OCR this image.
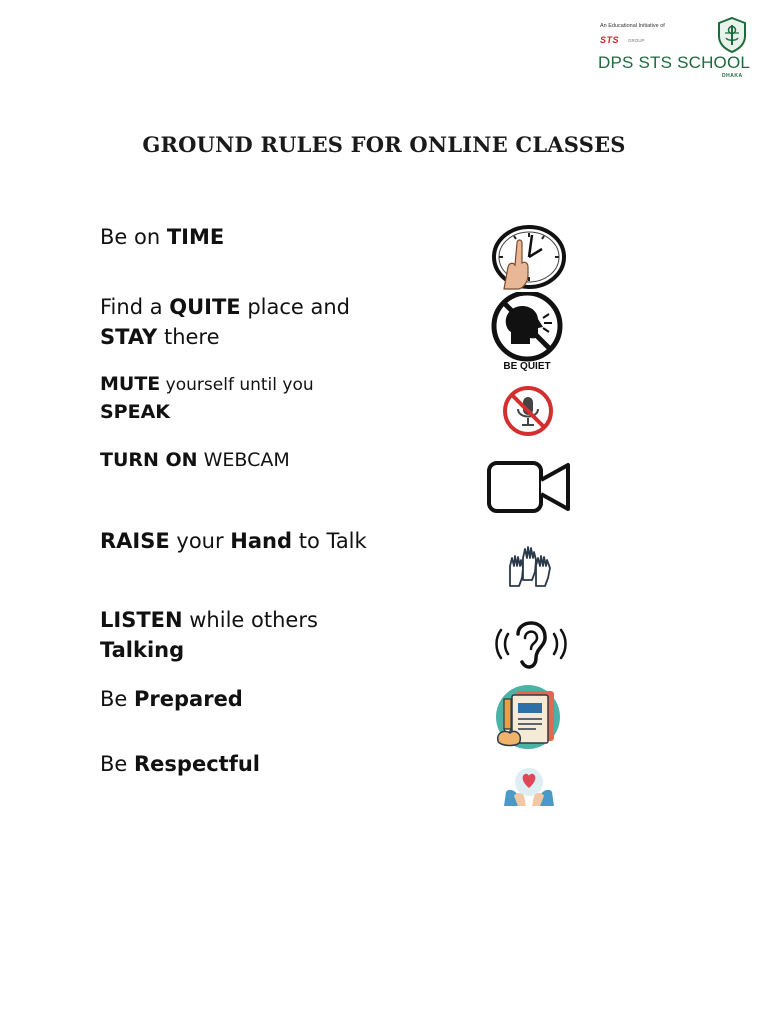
An Educational Initiative of
STS GROUP
DPS STS SCHOOL
DHAKA
GROUND RULES FOR ONLINE CLASSES

Be on TIME

Find a QUITE place and
STAY there

MUTE yourself until you
SPEAK

TURN ON WEBCAM

RAISE your Hand to Talk

LISTEN while others
Talking

Be Prepared

Be Respectful

BE QUIET
